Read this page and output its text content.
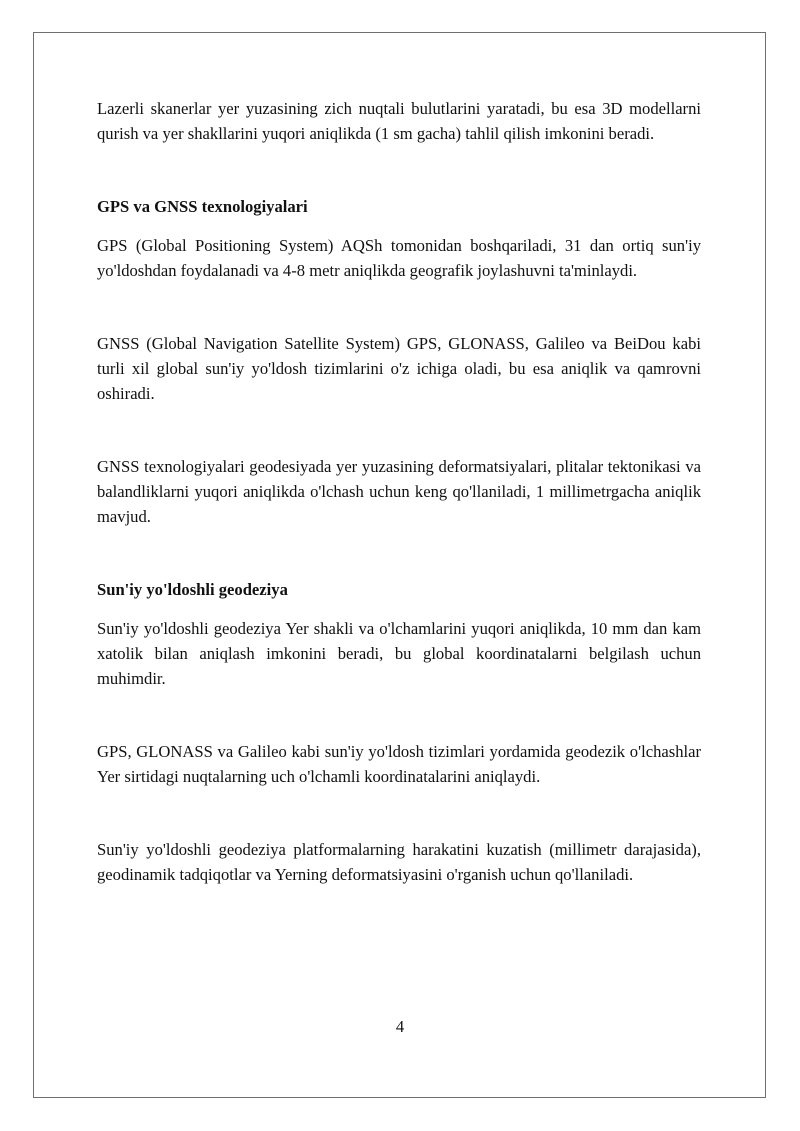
Lazerli skanerlar yer yuzasining zich nuqtali bulutlarini yaratadi, bu esa 3D modellarni qurish va yer shakllarini yuqori aniqlikda (1 sm gacha) tahlil qilish imkonini beradi.

GPS va GNSS texnologiyalari

GPS (Global Positioning System) AQSh tomonidan boshqariladi, 31 dan ortiq sun'iy yo'ldoshdan foydalanadi va 4-8 metr aniqlikda geografik joylashuvni ta'minlaydi.

GNSS (Global Navigation Satellite System) GPS, GLONASS, Galileo va BeiDou kabi turli xil global sun'iy yo'ldosh tizimlarini o'z ichiga oladi, bu esa aniqlik va qamrovni oshiradi.

GNSS texnologiyalari geodesiyada yer yuzasining deformatsiyalari, plitalar tektonikasi va balandliklarni yuqori aniqlikda o'lchash uchun keng qo'llaniladi, 1 millimetrgacha aniqlik mavjud.

Sun'iy yo'ldoshli geodeziya

Sun'iy yo'ldoshli geodeziya Yer shakli va o'lchamlarini yuqori aniqlikda, 10 mm dan kam xatolik bilan aniqlash imkonini beradi, bu global koordinatalarni belgilash uchun muhimdir.

GPS, GLONASS va Galileo kabi sun'iy yo'ldosh tizimlari yordamida geodezik o'lchashlar Yer sirtidagi nuqtalarning uch o'lchamli koordinatalarini aniqlaydi.

Sun'iy yo'ldoshli geodeziya platformalarning harakatini kuzatish (millimetr darajasida), geodinamik tadqiqotlar va Yerning deformatsiyasini o'rganish uchun qo'llaniladi.

4
